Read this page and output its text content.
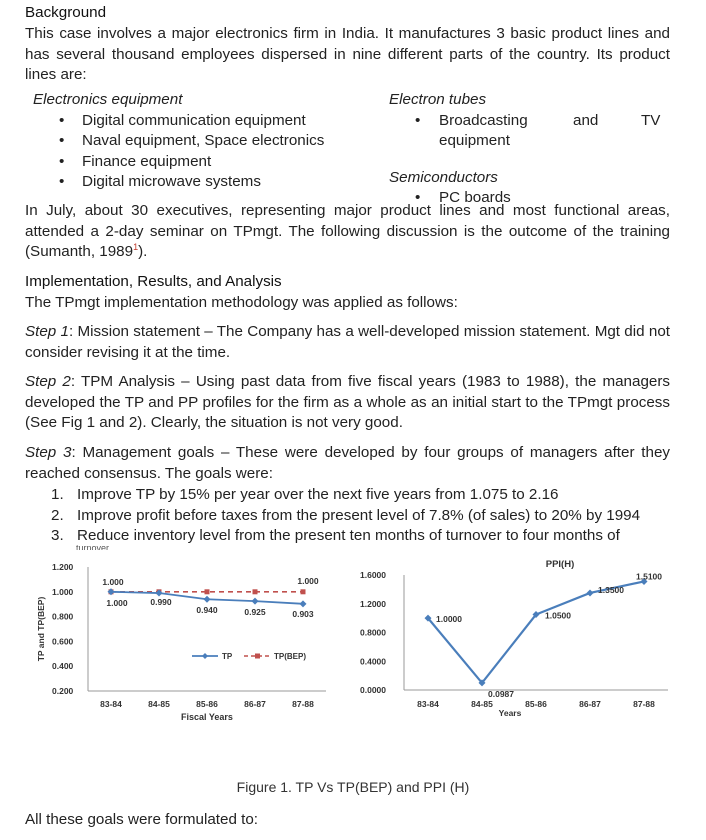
Background
This case involves a major electronics firm in India. It manufactures 3 basic product lines and has several thousand employees dispersed in nine different parts of the country. Its product lines are:
Electronics equipment
• Digital communication equipment
• Naval equipment, Space electronics
• Finance equipment
• Digital microwave systems
Electron tubes
• Broadcasting	and	TV
equipment
Semiconductors
• PC boards
In July, about 30 executives, representing major product lines and most functional areas, attended a 2-day seminar on TPmgt. The following discussion is the outcome of the training (Sumanth, 1989$^1$).
Implementation, Results, and Analysis
The TPmgt implementation methodology was applied as follows:
Step 1: Mission statement – The Company has a well-developed mission statement. Mgt did not consider revising it at the time.
Step 2: TPM Analysis – Using past data from five fiscal years (1983 to 1988), the managers developed the TP and PP profiles for the firm as a whole as an initial start to the TPmgt process (See Fig 1 and 2). Clearly, the situation is not very good.
Step 3: Management goals – These were developed by four groups of managers after they reached consensus. The goals were:
1. Improve TP by 15% per year over the next five years from 1.075 to 2.16
2. Improve profit before taxes from the present level of 7.8% (of sales) to 20% by 1994
3. Reduce inventory level from the present ten months of turnover to four months of
turnover
0.200
0.400
0.600
0.800
1.000
1.200
83-84	84-85	85-86	86-87	87-88
Fiscal Years
TP and TP(BEP)	1.000	0.990
0.940	0.925	0.903
1.000	1.000
TP	TP(BEP)
PPI(H)
0.0000
0.4000
0.8000
1.2000
1.6000
83-84	84-85	85-86	86-87	87-88
Years
1.0000
0.0987
1.0500
1.3500
1.5100
Figure 1. TP Vs TP(BEP) and PPI (H)
All these goals were formulated to:
